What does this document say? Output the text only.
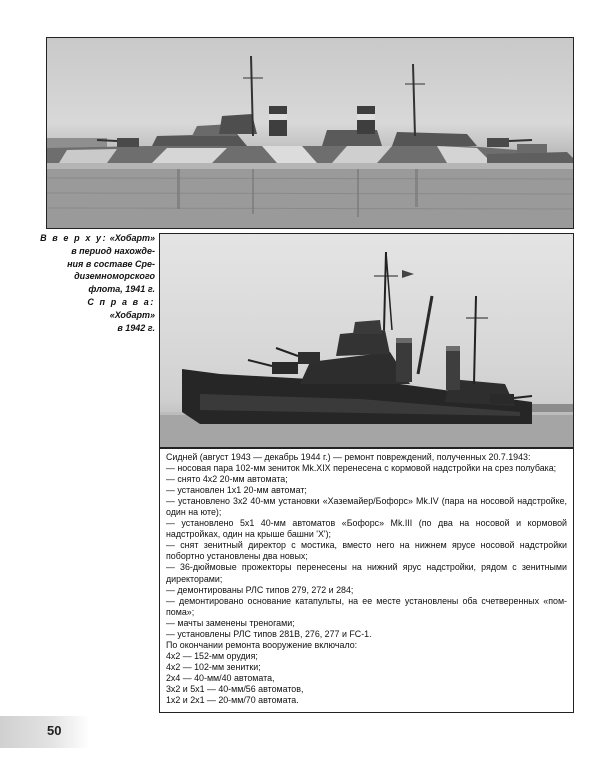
В в е р х у: «Хобарт»
в период нахожде-
ния в составе Сре-
диземноморского
флота, 1941 г.
С п р а в а: «Хобарт»
в 1942 г.

Сидней (август 1943 — декабрь 1944 г.) — ремонт повреждений, полученных 20.7.1943:

— носовая пара 102-мм зениток Mk.XIX перенесена с кормовой надстройки на срез полубака;

— снято 4х2 20-мм автомата;

— установлен 1х1 20-мм автомат;

— установлено 3х2 40-мм установки «Хаземайер/Бофорс» Mk.IV (пара на носовой надстройке, один на юте);

— установлено 5х1 40-мм автоматов «Бофорс» Mk.III (по два на носовой и кормовой надстройках, один на крыше башни 'X');

— снят зенитный директор с мостика, вместо него на нижнем ярусе носовой надстройки побортно установлены два новых;

— 36-дюймовые прожекторы перенесены на нижний ярус надстройки, рядом с зенитными директорами;

— демонтированы РЛС типов 279, 272 и 284;

— демонтировано основание катапульты, на ее месте установлены оба счетверенных «пом-пома»;

— мачты заменены треногами;

— установлены РЛС типов 281B, 276, 277 и FC-1.

По окончании ремонта вооружение включало:

4х2 — 152-мм орудия;

4х2 — 102-мм зенитки;

2х4 — 40-мм/40 автомата,

3х2 и 5х1 — 40-мм/56 автоматов,

1х2 и 2х1 — 20-мм/70 автомата.

50
